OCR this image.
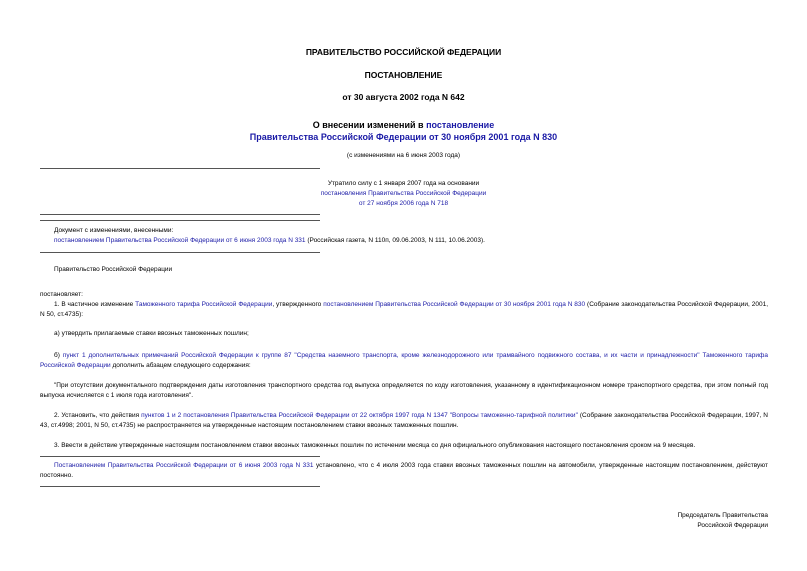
ПРАВИТЕЛЬСТВО РОССИЙСКОЙ ФЕДЕРАЦИИ
ПОСТАНОВЛЕНИЕ
от 30 августа 2002 года N 642
О внесении изменений в постановление
Правительства Российской Федерации от 30 ноября 2001 года N 830
(с изменениями на 6 июня 2003 года)
Утратило силу с 1 января 2007 года на основании
постановления Правительства Российской Федерации
от 27 ноября 2006 года N 718
Документ с изменениями, внесенными:
постановлением Правительства Российской Федерации от 6 июня 2003 года N 331 (Российская газета, N 110п, 09.06.2003, N 111, 10.06.2003).
Правительство Российской Федерации
постановляет:
1. В частичное изменение Таможенного тарифа Российской Федерации, утвержденного постановлением Правительства Российской Федерации от 30 ноября 2001 года N 830 (Собрание законодательства Российской Федерации, 2001, N 50, ст.4735):
а) утвердить прилагаемые ставки ввозных таможенных пошлин;
б) пункт 1 дополнительных примечаний Российской Федерации к группе 87 "Средства наземного транспорта, кроме железнодорожного или трамвайного подвижного состава, и их части и принадлежности" Таможенного тарифа Российской Федерации дополнить абзацем следующего содержания:
"При отсутствии документального подтверждения даты изготовления транспортного средства год выпуска определяется по коду изготовления, указанному в идентификационном номере транспортного средства, при этом полный год выпуска исчисляется с 1 июля года изготовления".
2. Установить, что действия пунктов 1 и 2 постановления Правительства Российской Федерации от 22 октября 1997 года N 1347 "Вопросы таможенно-тарифной политики" (Собрание законодательства Российской Федерации, 1997, N 43, ст.4998; 2001, N 50, ст.4735) не распространяется на утвержденные настоящим постановлением ставки ввозных таможенных пошлин.
3. Ввести в действие утвержденные настоящим постановлением ставки ввозных таможенных пошлин по истечении месяца со дня официального опубликования настоящего постановления сроком на 9 месяцев.
Постановлением Правительства Российской Федерации от 6 июня 2003 года N 331 установлено, что с 4 июля 2003 года ставки ввозных таможенных пошлин на автомобили, утвержденные настоящим постановлением, действуют постоянно.
Председатель Правительства
Российской Федерации
